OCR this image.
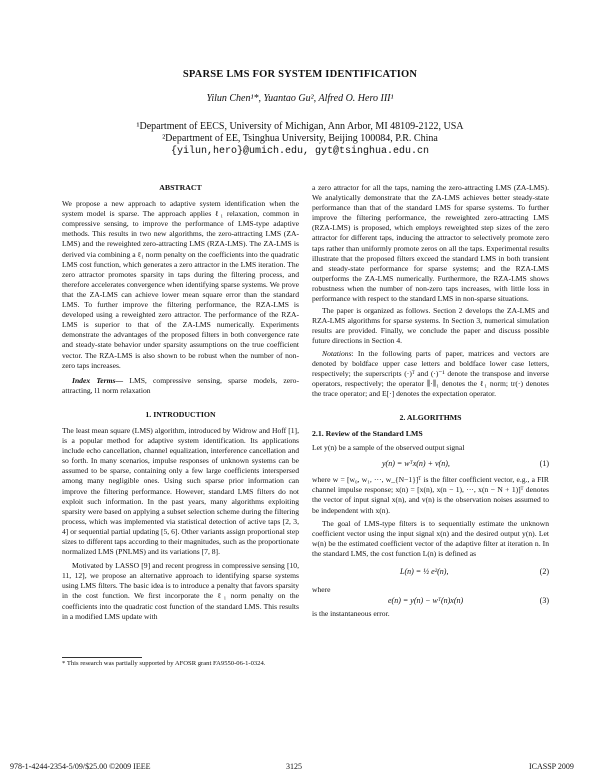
SPARSE LMS FOR SYSTEM IDENTIFICATION
Yilun Chen¹*, Yuantao Gu², Alfred O. Hero III¹
¹Department of EECS, University of Michigan, Ann Arbor, MI 48109-2122, USA
²Department of EE, Tsinghua University, Beijing 100084, P.R. China
{yilun,hero}@umich.edu, gyt@tsinghua.edu.cn

ABSTRACT

We propose a new approach to adaptive system identification when the system model is sparse. The approach applies ℓ₁ relaxation, common in compressive sensing, to improve the performance of LMS-type adaptive methods. This results in two new algorithms, the zero-attracting LMS (ZA-LMS) and the reweighted zero-attracting LMS (RZA-LMS). The ZA-LMS is derived via combining a ℓ₁ norm penalty on the coefficients into the quadratic LMS cost function, which generates a zero attractor in the LMS iteration. The zero attractor promotes sparsity in taps during the filtering process, and therefore accelerates convergence when identifying sparse systems. We prove that the ZA-LMS can achieve lower mean square error than the standard LMS. To further improve the filtering performance, the RZA-LMS is developed using a reweighted zero attractor. The performance of the RZA-LMS is superior to that of the ZA-LMS numerically. Experiments demonstrate the advantages of the proposed filters in both convergence rate and steady-state behavior under sparsity assumptions on the true coefficient vector. The RZA-LMS is also shown to be robust when the number of non-zero taps increases.

Index Terms— LMS, compressive sensing, sparse models, zero-attracting, l1 norm relaxation

1. INTRODUCTION

The least mean square (LMS) algorithm, introduced by Widrow and Hoff [1], is a popular method for adaptive system identification. Its applications include echo cancellation, channel equalization, interference cancellation and so forth. In many scenarios, impulse responses of unknown systems can be assumed to be sparse, containing only a few large coefficients interspersed among many negligible ones. Using such sparse prior information can improve the filtering performance. However, standard LMS filters do not exploit such information. In the past years, many algorithms exploiting sparsity were based on applying a subset selection scheme during the filtering process, which was implemented via statistical detection of active taps [2, 3, 4] or sequential partial updating [5, 6]. Other variants assign proportional step sizes to different taps according to their magnitudes, such as the proportionate normalized LMS (PNLMS) and its variations [7, 8].

Motivated by LASSO [9] and recent progress in compressive sensing [10, 11, 12], we propose an alternative approach to identifying sparse systems using LMS filters. The basic idea is to introduce a penalty that favors sparsity in the cost function. We first incorporate the ℓ₁ norm penalty on the coefficients into the quadratic cost function of the standard LMS. This results in a modified LMS update with

* This research was partially supported by AFOSR grant FA9550-06-1-0324.

a zero attractor for all the taps, naming the zero-attracting LMS (ZA-LMS). We analytically demonstrate that the ZA-LMS achieves better steady-state performance than that of the standard LMS for sparse systems. To further improve the filtering performance, the reweighted zero-attracting LMS (RZA-LMS) is proposed, which employs reweighted step sizes of the zero attractor for different taps, inducing the attractor to selectively promote zero taps rather than uniformly promote zeros on all the taps. Experimental results illustrate that the proposed filters exceed the standard LMS in both transient and steady-state performance for sparse systems; and the RZA-LMS outperforms the ZA-LMS numerically. Furthermore, the RZA-LMS shows robustness when the number of non-zero taps increases, with little loss in performance with respect to the standard LMS in non-sparse situations.

The paper is organized as follows. Section 2 develops the ZA-LMS and RZA-LMS algorithms for sparse systems. In Section 3, numerical simulation results are provided. Finally, we conclude the paper and discuss possible future directions in Section 4.

Notations: In the following parts of paper, matrices and vectors are denoted by boldface upper case letters and boldface lower case letters, respectively; the superscripts (·)ᵀ and (·)⁻¹ denote the transpose and inverse operators, respectively; the operator ∥·∥₁ denotes the ℓ₁ norm; tr(·) denotes the trace operator; and E[·] denotes the expectation operator.

2. ALGORITHMS

2.1. Review of the Standard LMS

Let y(n) be a sample of the observed output signal

y(n) = wᵀx(n) + v(n),	(1)

where w = [w₀, w₁, ···, w_{N−1}]ᵀ is the filter coefficient vector, e.g., a FIR channel impulse response; x(n) = [x(n), x(n − 1), ···, x(n − N + 1)]ᵀ denotes the vector of input signal x(n), and v(n) is the observation noises assumed to be independent with x(n).

The goal of LMS-type filters is to sequentially estimate the unknown coefficient vector using the input signal x(n) and the desired output y(n). Let w(n) be the estimated coefficient vector of the adaptive filter at iteration n. In the standard LMS, the cost function L(n) is defined as

L(n) = ½ e²(n),	(2)

where

e(n) = y(n) − wᵀ(n)x(n)	(3)

is the instantaneous error.

978-1-4244-2354-5/09/$25.00 ©2009 IEEE	3125	ICASSP 2009
